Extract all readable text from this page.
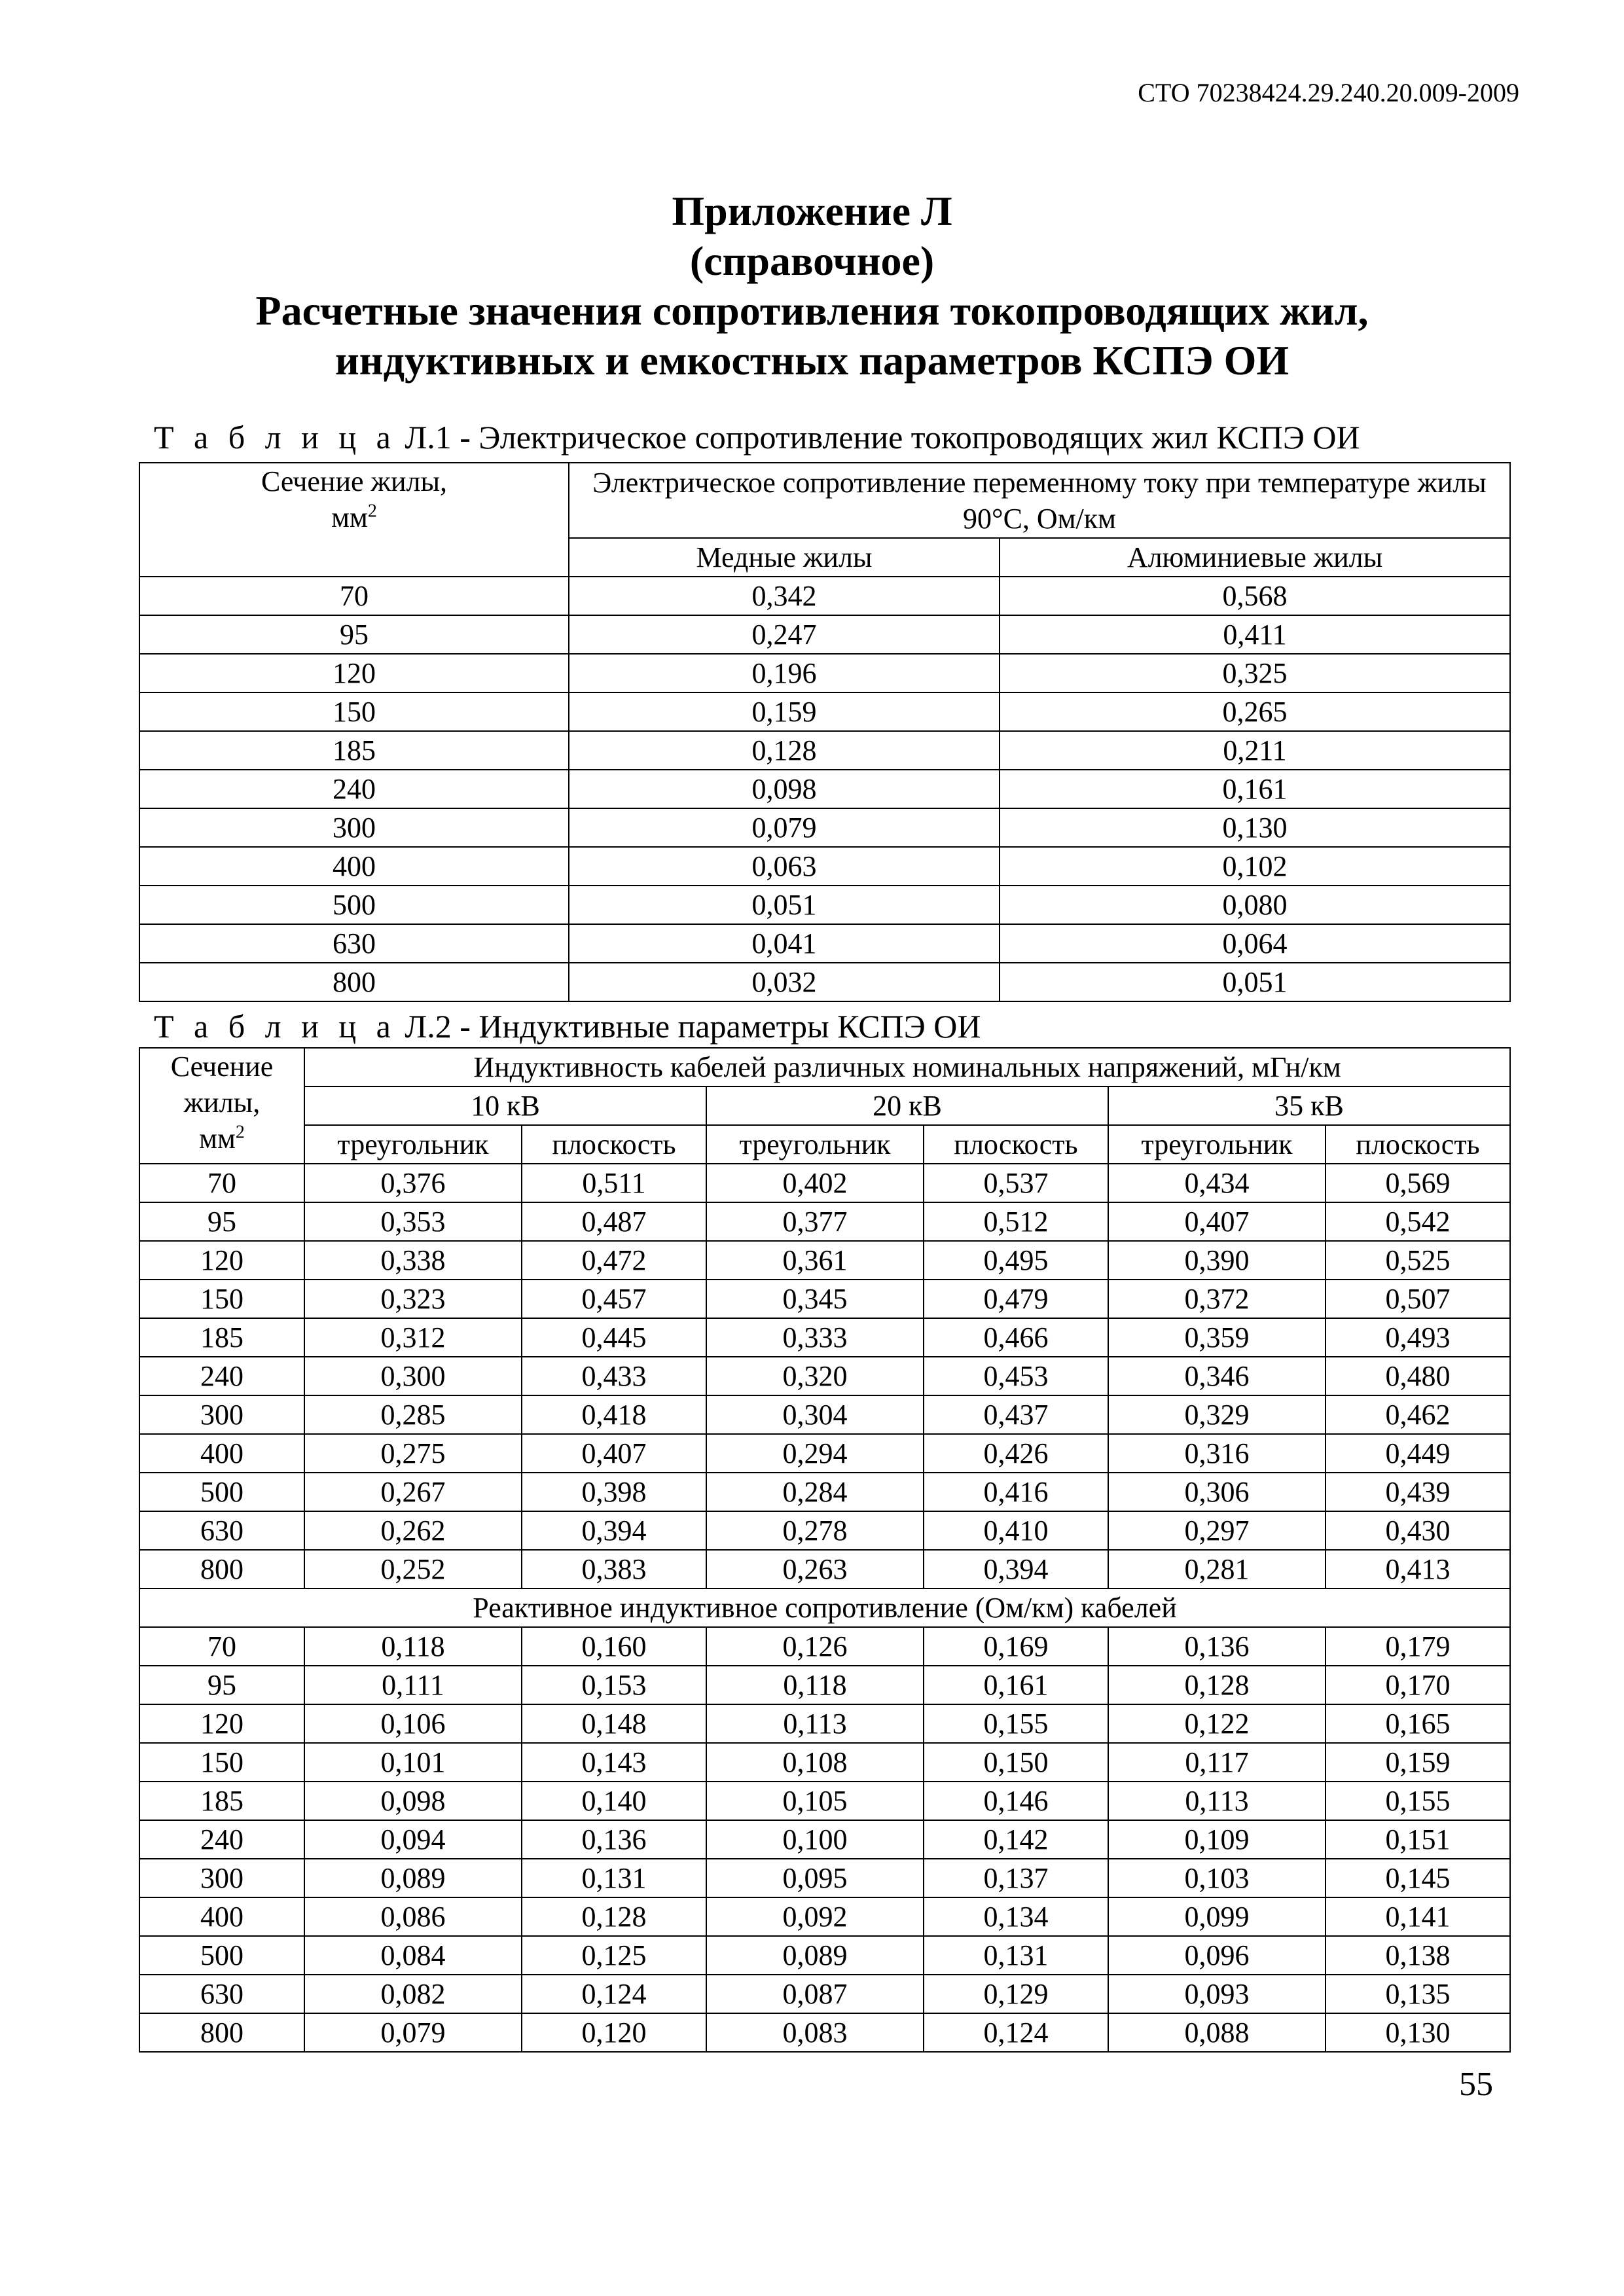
СТО 70238424.29.240.20.009-2009
Приложение Л
(справочное)
Расчетные значения сопротивления токопроводящих жил,
индуктивных и емкостных параметров КСПЭ ОИ
Т а б л и ц а Л.1 - Электрическое сопротивление токопроводящих жил КСПЭ ОИ
Сечение жилы,
$мм^2$	Электрическое сопротивление переменному току при температуре жилы 90°С, Ом/км	
	Медные жилы	Алюминиевые жилы
70	0,342	0,568
95	0,247	0,411
120	0,196	0,325
150	0,159	0,265
185	0,128	0,211
240	0,098	0,161
300	0,079	0,130
400	0,063	0,102
500	0,051	0,080
630	0,041	0,064
800	0,032	0,051
Т а б л и ц а Л.2 - Индуктивные параметры КСПЭ ОИ
Сечение
жилы,
$мм^2$	Индуктивность кабелей различных номинальных напряжений, мГн/км					
	10 кВ		20 кВ		35 кВ	
	треугольник	плоскость	треугольник	плоскость	треугольник	плоскость
70	0,376	0,511	0,402	0,537	0,434	0,569
95	0,353	0,487	0,377	0,512	0,407	0,542
120	0,338	0,472	0,361	0,495	0,390	0,525
150	0,323	0,457	0,345	0,479	0,372	0,507
185	0,312	0,445	0,333	0,466	0,359	0,493
240	0,300	0,433	0,320	0,453	0,346	0,480
300	0,285	0,418	0,304	0,437	0,329	0,462
400	0,275	0,407	0,294	0,426	0,316	0,449
500	0,267	0,398	0,284	0,416	0,306	0,439
630	0,262	0,394	0,278	0,410	0,297	0,430
800	0,252	0,383	0,263	0,394	0,281	0,413
Реактивное индуктивное сопротивление (Ом/км) кабелей						
70	0,118	0,160	0,126	0,169	0,136	0,179
95	0,111	0,153	0,118	0,161	0,128	0,170
120	0,106	0,148	0,113	0,155	0,122	0,165
150	0,101	0,143	0,108	0,150	0,117	0,159
185	0,098	0,140	0,105	0,146	0,113	0,155
240	0,094	0,136	0,100	0,142	0,109	0,151
300	0,089	0,131	0,095	0,137	0,103	0,145
400	0,086	0,128	0,092	0,134	0,099	0,141
500	0,084	0,125	0,089	0,131	0,096	0,138
630	0,082	0,124	0,087	0,129	0,093	0,135
800	0,079	0,120	0,083	0,124	0,088	0,130
55
